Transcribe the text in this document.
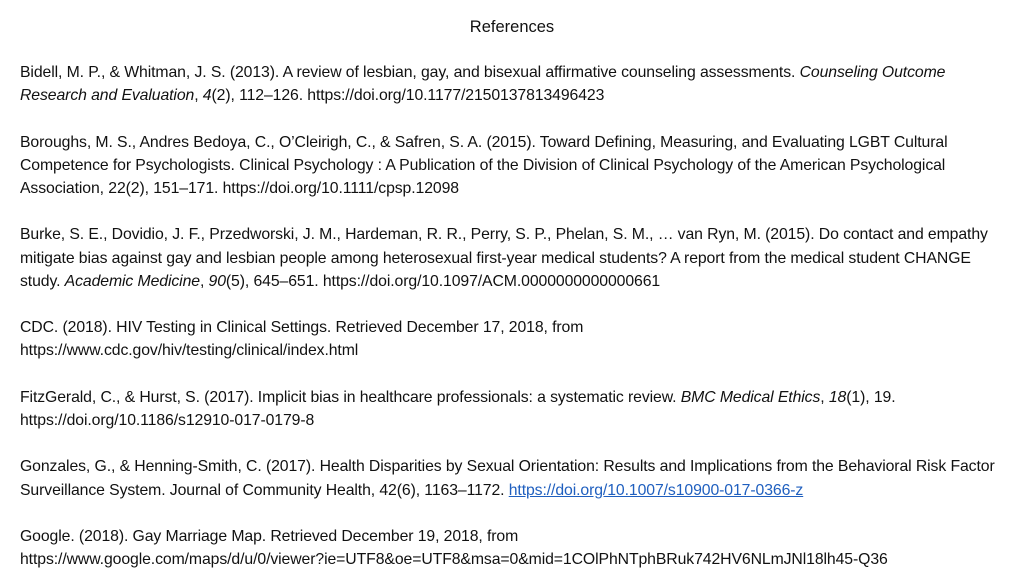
References

Bidell, M. P., & Whitman, J. S. (2013). A review of lesbian, gay, and bisexual affirmative counseling assessments. Counseling Outcome Research and Evaluation, 4(2), 112–126. https://doi.org/10.1177/2150137813496423

Boroughs, M. S., Andres Bedoya, C., O’Cleirigh, C., & Safren, S. A. (2015). Toward Defining, Measuring, and Evaluating LGBT Cultural Competence for Psychologists. Clinical Psychology : A Publication of the Division of Clinical Psychology of the American Psychological Association, 22(2), 151–171. https://doi.org/10.1111/cpsp.12098

Burke, S. E., Dovidio, J. F., Przedworski, J. M., Hardeman, R. R., Perry, S. P., Phelan, S. M., … van Ryn, M. (2015). Do contact and empathy mitigate bias against gay and lesbian people among heterosexual first-year medical students? A report from the medical student CHANGE study. Academic Medicine, 90(5), 645–651. https://doi.org/10.1097/ACM.0000000000000661

CDC. (2018). HIV Testing in Clinical Settings. Retrieved December 17, 2018, from
https://www.cdc.gov/hiv/testing/clinical/index.html

FitzGerald, C., & Hurst, S. (2017). Implicit bias in healthcare professionals: a systematic review. BMC Medical Ethics, 18(1), 19. https://doi.org/10.1186/s12910-017-0179-8

Gonzales, G., & Henning-Smith, C. (2017). Health Disparities by Sexual Orientation: Results and Implications from the Behavioral Risk Factor Surveillance System. Journal of Community Health, 42(6), 1163–1172. https://doi.org/10.1007/s10900-017-0366-z

Google. (2018). Gay Marriage Map. Retrieved December 19, 2018, from
https://www.google.com/maps/d/u/0/viewer?ie=UTF8&oe=UTF8&msa=0&mid=1COlPhNTphBRuk742HV6NLmJNl18lh45-Q36
